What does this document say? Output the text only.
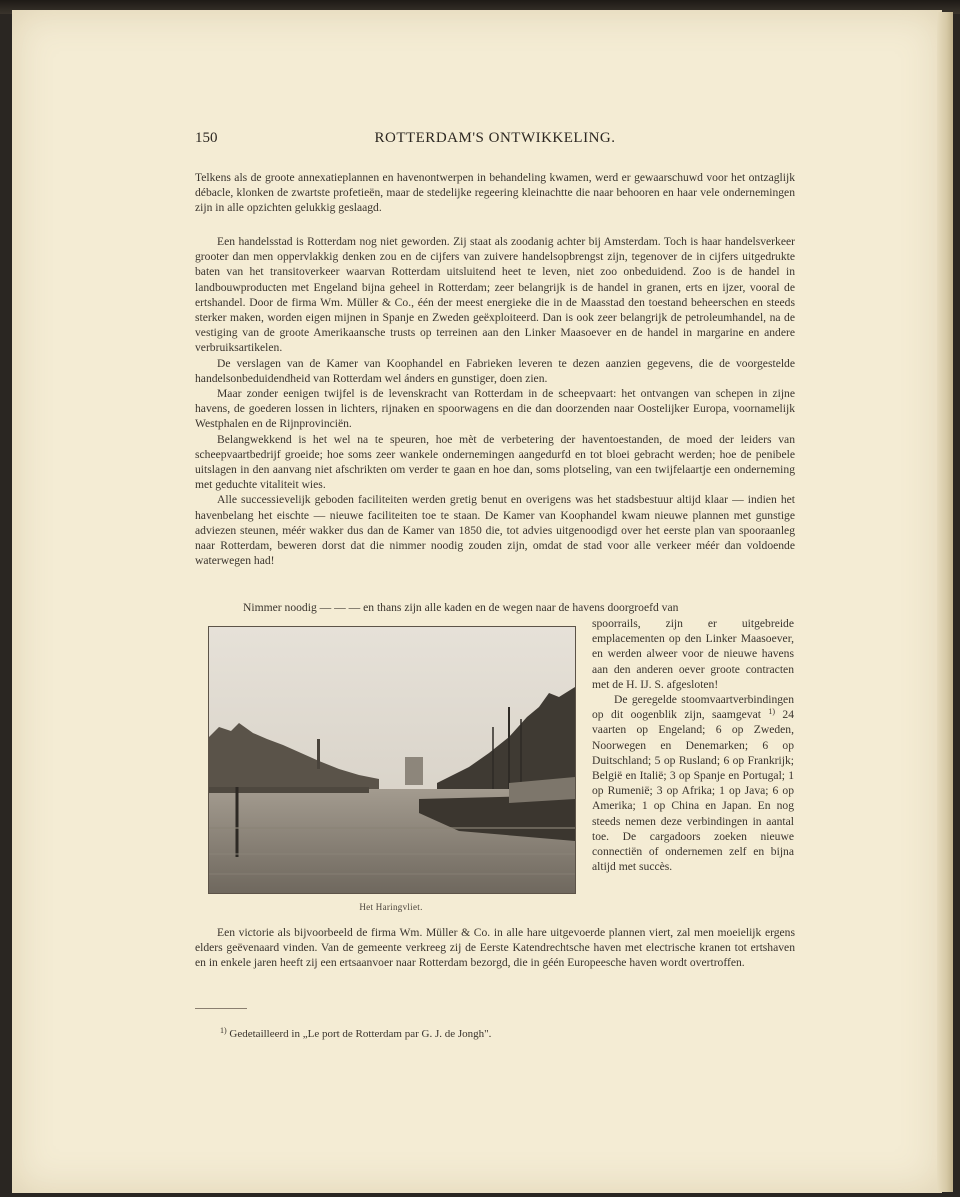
150	ROTTERDAM'S ONTWIKKELING.

Telkens als de groote annexatieplannen en havenontwerpen in behandeling kwamen, werd er gewaarschuwd voor het ontzaglijk débacle, klonken de zwartste profetieën, maar de stedelijke regeering kleinachtte die naar behooren en haar vele ondernemingen zijn in alle opzichten gelukkig geslaagd.

Een handelsstad is Rotterdam nog niet geworden. Zij staat als zoodanig achter bij Amsterdam. Toch is haar handelsverkeer grooter dan men oppervlakkig denken zou en de cijfers van zuivere handelsopbrengst zijn, tegenover de in cijfers uitgedrukte baten van het transitoverkeer waarvan Rotterdam uitsluitend heet te leven, niet zoo onbeduidend. Zoo is de handel in landbouwproducten met Engeland bijna geheel in Rotterdam; zeer belangrijk is de handel in granen, erts en ijzer, vooral de ertshandel. Door de firma Wm. Müller & Co., één der meest energieke die in de Maasstad den toestand beheerschen en steeds sterker maken, worden eigen mijnen in Spanje en Zweden geëxploiteerd. Dan is ook zeer belangrijk de petroleumhandel, na de vestiging van de groote Amerikaansche trusts op terreinen aan den Linker Maasoever en de handel in margarine en andere verbruiksartikelen.

De verslagen van de Kamer van Koophandel en Fabrieken leveren te dezen aanzien gegevens, die de voorgestelde handelsonbeduidendheid van Rotterdam wel ánders en gunstiger, doen zien.

Maar zonder eenigen twijfel is de levenskracht van Rotterdam in de scheepvaart: het ontvangen van schepen in zijne havens, de goederen lossen in lichters, rijnaken en spoorwagens en die dan doorzenden naar Oostelijker Europa, voornamelijk Westphalen en de Rijnprovinciën.

Belangwekkend is het wel na te speuren, hoe mèt de verbetering der haventoestanden, de moed der leiders van scheepvaartbedrijf groeide; hoe soms zeer wankele ondernemingen aangedurfd en tot bloei gebracht werden; hoe de penibele uitslagen in den aanvang niet afschrikten om verder te gaan en hoe dan, soms plotseling, van een twijfelaartje een onderneming met geduchte vitaliteit wies.

Alle successievelijk geboden faciliteiten werden gretig benut en overigens was het stadsbestuur altijd klaar — indien het havenbelang het eischte — nieuwe faciliteiten toe te staan. De Kamer van Koophandel kwam nieuwe plannen met gunstige adviezen steunen, méér wakker dus dan de Kamer van 1850 die, tot advies uitgenoodigd over het eerste plan van spooraanleg naar Rotterdam, beweren dorst dat die nimmer noodig zouden zijn, omdat de stad voor alle verkeer méér dan voldoende waterwegen had!

Nimmer noodig — — — en thans zijn alle kaden en de wegen naar de havens doorgroefd van

Het Haringvliet.

spoorrails, zijn er uitgebreide emplacementen op den Linker Maasoever, en werden alweer voor de nieuwe havens aan den anderen oever groote contracten met de H. IJ. S. afgesloten!

De geregelde stoomvaartverbindingen op dit oogenblik zijn, saamgevat $^{1)}$ 24 vaarten op Engeland; 6 op Zweden, Noorwegen en Denemarken; 6 op Duitschland; 5 op Rusland; 6 op Frankrijk; België en Italië; 3 op Spanje en Portugal; 1 op Rumenië; 3 op Afrika; 1 op Java; 6 op Amerika; 1 op China en Japan. En nog steeds nemen deze verbindingen in aantal toe. De cargadoors zoeken nieuwe connectiën of ondernemen zelf en bijna altijd met succès.

Een victorie als bijvoorbeeld de firma Wm. Müller & Co. in alle hare uitgevoerde plannen viert, zal men moeielijk ergens elders geëvenaard vinden. Van de gemeente verkreeg zij de Eerste Katendrechtsche haven met electrische kranen tot ertshaven en in enkele jaren heeft zij een ertsaanvoer naar Rotterdam bezorgd, die in géén Europeesche haven wordt overtroffen.

$^{1)}$ Gedetailleerd in „Le port de Rotterdam par G. J. de Jongh".
